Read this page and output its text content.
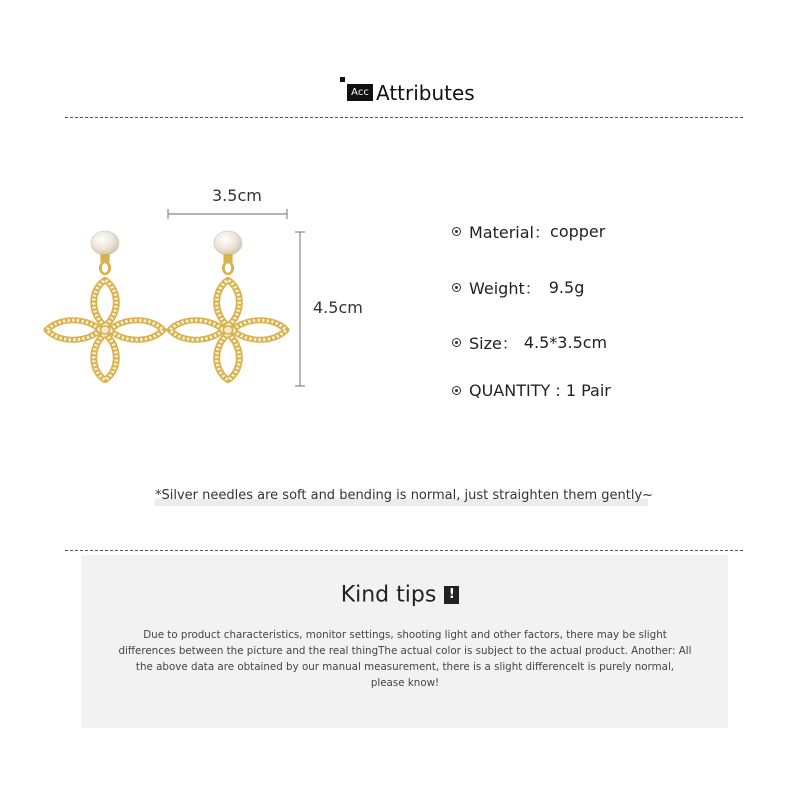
Acc Attributes
3.5cm
4.5cm
Material： copper
Weight： 9.5g
Size： 4.5*3.5cm
QUANTITY : 1 Pair
*Silver needles are soft and bending is normal, just straighten them gently~
Kind tips !
Due to product characteristics, monitor settings, shooting light and other factors, there may be slight differences between the picture and the real thingThe actual color is subject to the actual product. Another: All the above data are obtained by our manual measurement, there is a slight differenceIt is purely normal, please know!
